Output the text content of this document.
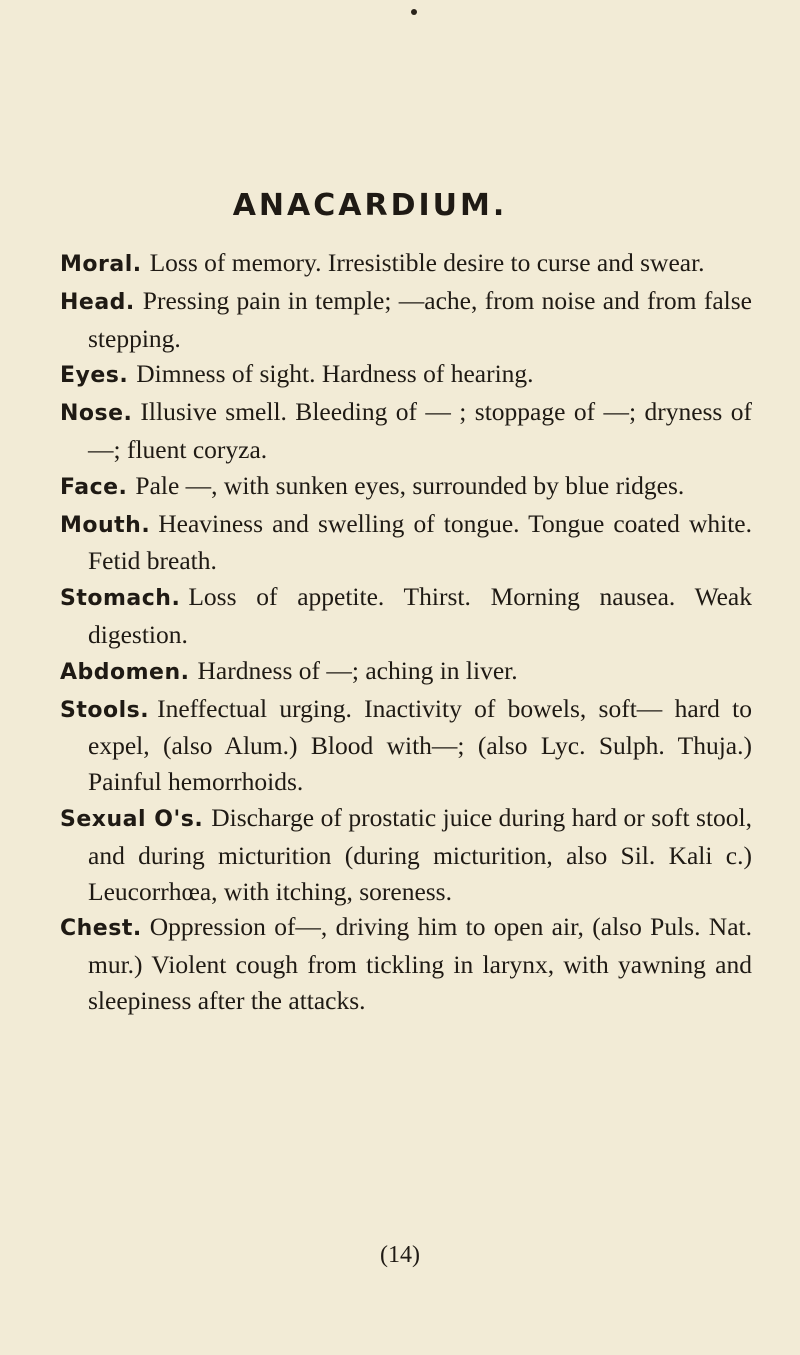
ANACARDIUM.

Moral. Loss of memory. Irresistible desire to curse and swear.

Head. Pressing pain in temple; —ache, from noise and from false stepping.

Eyes. Dimness of sight. Hardness of hearing.

Nose. Illusive smell. Bleeding of — ; stoppage of —; dryness of—; fluent coryza.

Face. Pale —, with sunken eyes, surrounded by blue ridges.

Mouth. Heaviness and swelling of tongue. Tongue coated white. Fetid breath.

Stomach. Loss of appetite. Thirst. Morning nausea. Weak digestion.

Abdomen. Hardness of —; aching in liver.

Stools. Ineffectual urging. Inactivity of bowels, soft— hard to expel, (also Alum.) Blood with—; (also Lyc. Sulph. Thuja.) Painful hemorrhoids.

Sexual O's. Discharge of prostatic juice during hard or soft stool, and during micturition (during micturition, also Sil. Kali c.) Leucorrhœa, with itching, soreness.

Chest. Oppression of—, driving him to open air, (also Puls. Nat. mur.) Violent cough from tickling in larynx, with yawning and sleepiness after the attacks.

(14)
